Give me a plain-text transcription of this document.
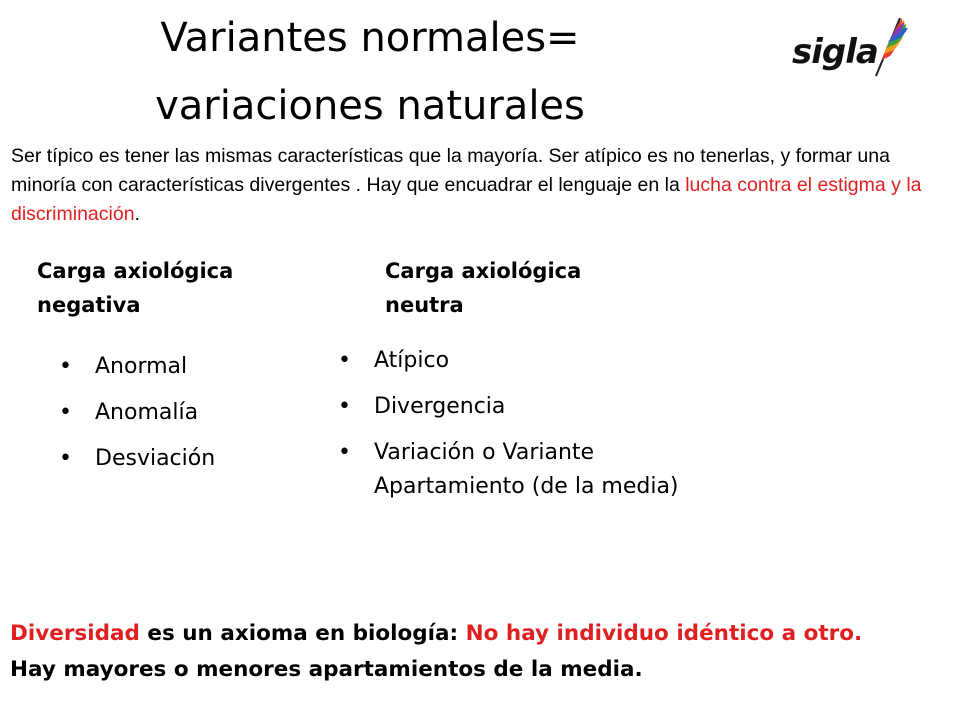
Variantes normales=
variaciones naturales
sigla
Ser típico es tener las mismas características que la mayoría. Ser atípico es no tenerlas, y formar una minoría con características divergentes . Hay que encuadrar el lenguaje en la lucha contra el estigma y la discriminación.
Carga axiológica
negativa
Carga axiológica
neutra
•	Anormal
•	Anomalía
•	Desviación
•	Atípico
•	Divergencia
•	Variación o Variante
Apartamiento (de la media)
Diversidad es un axioma en biología: No hay individuo idéntico a otro.
Hay mayores o menores apartamientos de la media.
